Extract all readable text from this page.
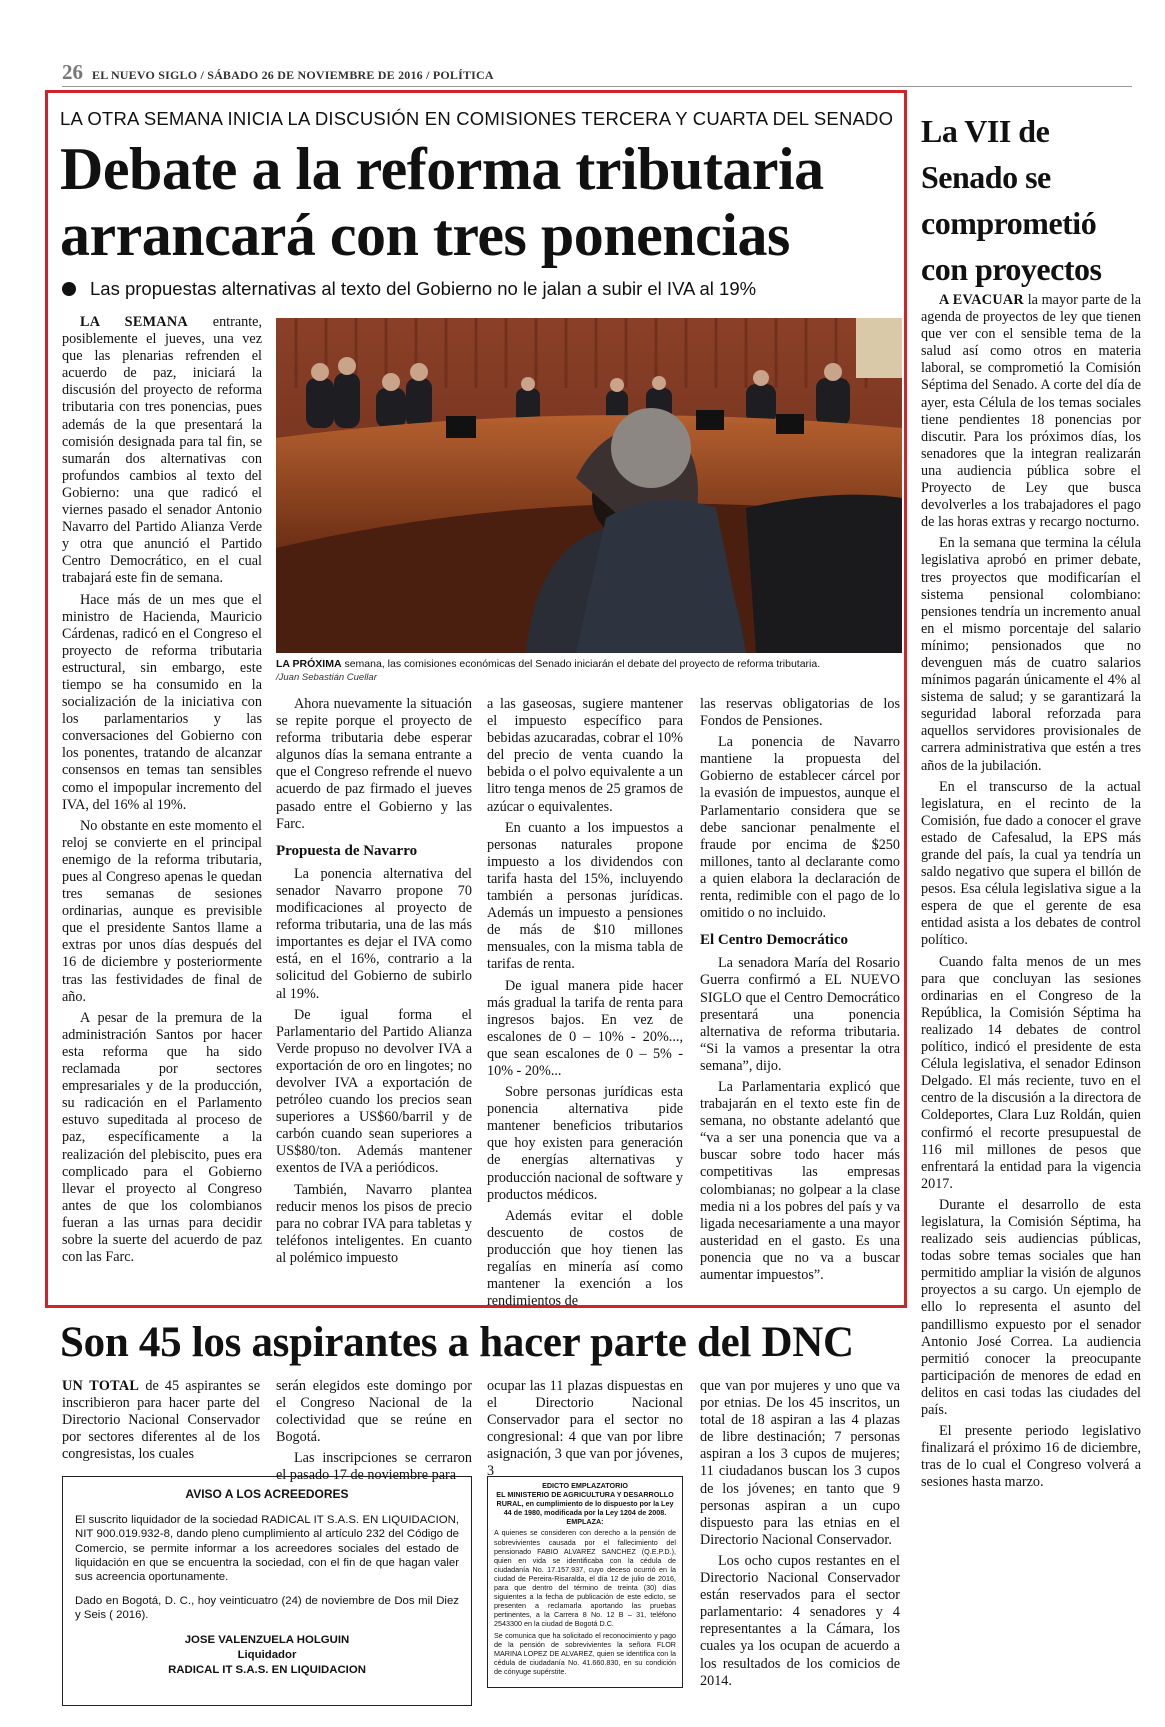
26 EL NUEVO SIGLO / SÁBADO 26 DE NOVIEMBRE DE 2016 / POLÍTICA
LA OTRA SEMANA INICIA LA DISCUSIÓN EN COMISIONES TERCERA Y CUARTA DEL SENADO
Debate a la reforma tributaria
arrancará con tres ponencias
Las propuestas alternativas al texto del Gobierno no le jalan a subir el IVA al 19%

LA SEMANA entrante, posiblemente el jueves, una vez que las plenarias refrenden el acuerdo de paz, iniciará la discusión del proyecto de reforma tributaria con tres ponencias, pues además de la que presentará la comisión designada para tal fin, se sumarán dos alternativas con profundos cambios al texto del Gobierno: una que radicó el viernes pasado el senador Antonio Navarro del Partido Alianza Verde y otra que anunció el Partido Centro Democrático, en el cual trabajará este fin de semana.

Hace más de un mes que el ministro de Hacienda, Mauricio Cárdenas, radicó en el Congreso el proyecto de reforma tributaria estructural, sin embargo, este tiempo se ha consumido en la socialización de la iniciativa con los parlamentarios y las conversaciones del Gobierno con los ponentes, tratando de alcanzar consensos en temas tan sensibles como el impopular incremento del IVA, del 16% al 19%.

No obstante en este momento el reloj se convierte en el principal enemigo de la reforma tributaria, pues al Congreso apenas le quedan tres semanas de sesiones ordinarias, aunque es previsible que el presidente Santos llame a extras por unos días después del 16 de diciembre y posteriormente tras las festividades de final de año.

A pesar de la premura de la administración Santos por hacer esta reforma que ha sido reclamada por sectores empresariales y de la producción, su radicación en el Parlamento estuvo supeditada al proceso de paz, específicamente a la realización del plebiscito, pues era complicado para el Gobierno llevar el proyecto al Congreso antes de que los colombianos fueran a las urnas para decidir sobre la suerte del acuerdo de paz con las Farc.

LA PRÓXIMA semana, las comisiones económicas del Senado iniciarán el debate del proyecto de reforma tributaria.
/Juan Sebastián Cuellar

Ahora nuevamente la situación se repite porque el proyecto de reforma tributaria debe esperar algunos días la semana entrante a que el Congreso refrende el nuevo acuerdo de paz firmado el jueves pasado entre el Gobierno y las Farc.

Propuesta de Navarro

La ponencia alternativa del senador Navarro propone 70 modificaciones al proyecto de reforma tributaria, una de las más importantes es dejar el IVA como está, en el 16%, contrario a la solicitud del Gobierno de subirlo al 19%.

De igual forma el Parlamentario del Partido Alianza Verde propuso no devolver IVA a exportación de oro en lingotes; no devolver IVA a exportación de petróleo cuando los precios sean superiores a US$60/barril y de carbón cuando sean superiores a US$80/ton. Además mantener exentos de IVA a periódicos.

También, Navarro plantea reducir menos los pisos de precio para no cobrar IVA para tabletas y teléfonos inteligentes. En cuanto al polémico impuesto

a las gaseosas, sugiere mantener el impuesto específico para bebidas azucaradas, cobrar el 10% del precio de venta cuando la bebida o el polvo equivalente a un litro tenga menos de 25 gramos de azúcar o equivalentes.

En cuanto a los impuestos a personas naturales propone impuesto a los dividendos con tarifa hasta del 15%, incluyendo también a personas jurídicas. Además un impuesto a pensiones de más de $10 millones mensuales, con la misma tabla de tarifas de renta.

De igual manera pide hacer más gradual la tarifa de renta para ingresos bajos. En vez de escalones de 0 – 10% - 20%..., que sean escalones de 0 – 5% - 10% - 20%...

Sobre personas jurídicas esta ponencia alternativa pide mantener beneficios tributarios que hoy existen para generación de energías alternativas y producción nacional de software y productos médicos.

Además evitar el doble descuento de costos de producción que hoy tienen las regalías en minería así como mantener la exención a los rendimientos de

las reservas obligatorias de los Fondos de Pensiones.

La ponencia de Navarro mantiene la propuesta del Gobierno de establecer cárcel por la evasión de impuestos, aunque el Parlamentario considera que se debe sancionar penalmente el fraude por encima de $250 millones, tanto al declarante como a quien elabora la declaración de renta, redimible con el pago de lo omitido o no incluido.

El Centro Democrático

La senadora María del Rosario Guerra confirmó a EL NUEVO SIGLO que el Centro Democrático presentará una ponencia alternativa de reforma tributaria. “Si la vamos a presentar la otra semana”, dijo.

La Parlamentaria explicó que trabajarán en el texto este fin de semana, no obstante adelantó que “va a ser una ponencia que va a buscar sobre todo hacer más competitivas las empresas colombianas; no golpear a la clase media ni a los pobres del país y va ligada necesariamente a una mayor austeridad en el gasto. Es una ponencia que no va a buscar aumentar impuestos”.

La VII de Senado se comprometió con proyectos

A EVACUAR la mayor parte de la agenda de proyectos de ley que tienen que ver con el sensible tema de la salud así como otros en materia laboral, se comprometió la Comisión Séptima del Senado. A corte del día de ayer, esta Célula de los temas sociales tiene pendientes 18 ponencias por discutir. Para los próximos días, los senadores que la integran realizarán una audiencia pública sobre el Proyecto de Ley que busca devolverles a los trabajadores el pago de las horas extras y recargo nocturno.

En la semana que termina la célula legislativa aprobó en primer debate, tres proyectos que modificarían el sistema pensional colombiano: pensiones tendría un incremento anual en el mismo porcentaje del salario mínimo; pensionados que no devenguen más de cuatro salarios mínimos pagarán únicamente el 4% al sistema de salud; y se garantizará la seguridad laboral reforzada para aquellos servidores provisionales de carrera administrativa que estén a tres años de la jubilación.

En el transcurso de la actual legislatura, en el recinto de la Comisión, fue dado a conocer el grave estado de Cafesalud, la EPS más grande del país, la cual ya tendría un saldo negativo que supera el billón de pesos. Esa célula legislativa sigue a la espera de que el gerente de esa entidad asista a los debates de control político.

Cuando falta menos de un mes para que concluyan las sesiones ordinarias en el Congreso de la República, la Comisión Séptima ha realizado 14 debates de control político, indicó el presidente de esta Célula legislativa, el senador Edinson Delgado. El más reciente, tuvo en el centro de la discusión a la directora de Coldeportes, Clara Luz Roldán, quien confirmó el recorte presupuestal de 116 mil millones de pesos que enfrentará la entidad para la vigencia 2017.

Durante el desarrollo de esta legislatura, la Comisión Séptima, ha realizado seis audiencias públicas, todas sobre temas sociales que han permitido ampliar la visión de algunos proyectos a su cargo. Un ejemplo de ello lo representa el asunto del pandillismo expuesto por el senador Antonio José Correa. La audiencia permitió conocer la preocupante participación de menores de edad en delitos en casi todas las ciudades del país.

El presente periodo legislativo finalizará el próximo 16 de diciembre, tras de lo cual el Congreso volverá a sesiones hasta marzo.

Son 45 los aspirantes a hacer parte del DNC

UN TOTAL de 45 aspirantes se inscribieron para hacer parte del Directorio Nacional Conservador por sectores diferentes al de los congresistas, los cuales

serán elegidos este domingo por el Congreso Nacional de la colectividad que se reúne en Bogotá.

Las inscripciones se cerraron el pasado 17 de noviembre para

ocupar las 11 plazas dispuestas en el Directorio Nacional Conservador para el sector no congresional: 4 que van por libre asignación, 3 que van por jóvenes, 3

que van por mujeres y uno que va por etnias. De los 45 inscritos, un total de 18 aspiran a las 4 plazas de libre destinación; 7 personas aspiran a los 3 cupos de mujeres; 11 ciudadanos buscan los 3 cupos de los jóvenes; en tanto que 9 personas aspiran a un cupo dispuesto para las etnias en el Directorio Nacional Conservador.

Los ocho cupos restantes en el Directorio Nacional Conservador están reservados para el sector parlamentario: 4 senadores y 4 representantes a la Cámara, los cuales ya los ocupan de acuerdo a los resultados de los comicios de 2014.

AVISO A LOS ACREEDORES

El suscrito liquidador de la sociedad RADICAL IT S.A.S. EN LIQUIDACION, NIT 900.019.932-8, dando pleno cumplimiento al artículo 232 del Código de Comercio, se permite informar a los acreedores sociales del estado de liquidación en que se encuentra la sociedad, con el fin de que hagan valer sus acreencia oportunamente.

Dado en Bogotá, D. C., hoy veinticuatro (24) de noviembre de Dos mil Diez y Seis ( 2016).

JOSE VALENZUELA HOLGUIN
Liquidador
RADICAL IT S.A.S. EN LIQUIDACION
EDICTO EMPLAZATORIO
EL MINISTERIO DE AGRICULTURA Y DESARROLLO RURAL, en cumplimiento de lo dispuesto por la Ley 44 de 1980, modificada por la Ley 1204 de 2008.
EMPLAZA:

A quienes se consideren con derecho a la pensión de sobrevivientes causada por el fallecimiento del pensionado FABIO ALVAREZ SANCHEZ (Q.E.P.D.), quien en vida se identificaba con la cédula de ciudadanía No. 17.157.937, cuyo deceso ocurrió en la ciudad de Pereira-Risaralda, el día 12 de julio de 2016, para que dentro del término de treinta (30) días siguientes a la fecha de publicación de este edicto, se presenten a reclamarla aportando las pruebas pertinentes, a la Carrera 8 No. 12 B – 31, teléfono 2543300 en la ciudad de Bogotá D.C.

Se comunica que ha solicitado el reconocimiento y pago de la pensión de sobrevivientes la señora FLOR MARINA LOPEZ DE ALVAREZ, quien se identifica con la cédula de ciudadanía No. 41.660.830, en su condición de cónyuge supérstite.
